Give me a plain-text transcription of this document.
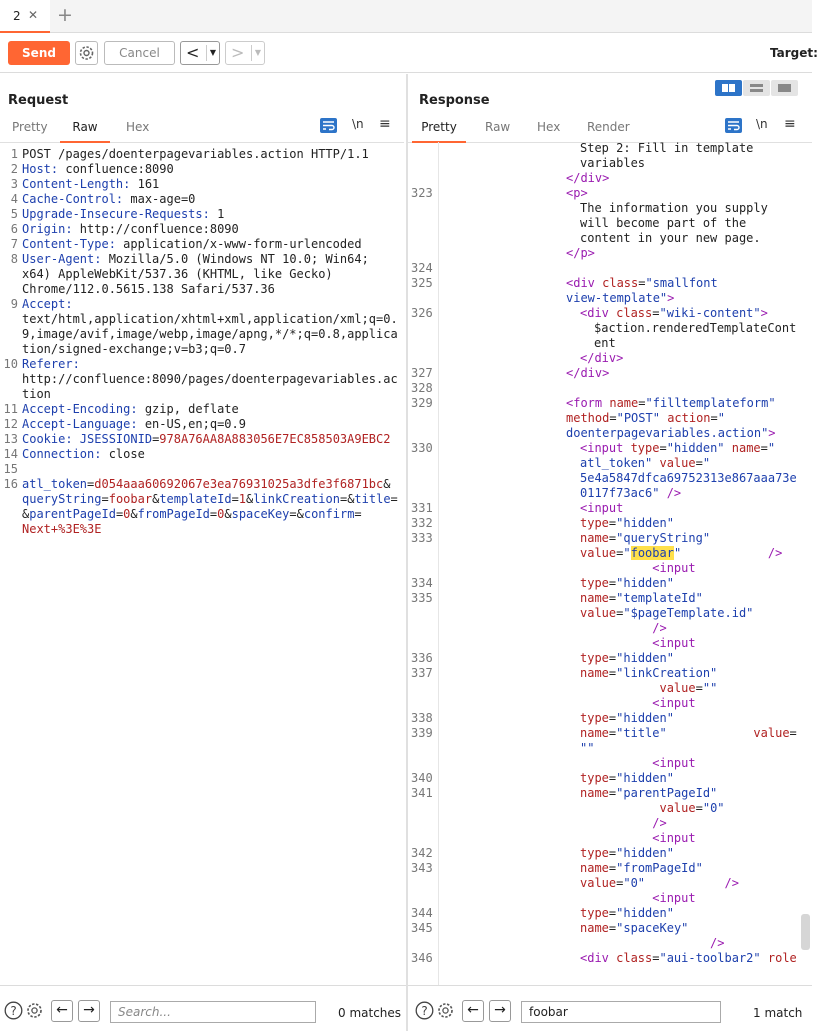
2 ✕ +
Send	Cancel	<	▼ >	▼	Target:
Request
Pretty	Raw	Hex	\n ≡
1 POST /pages/doenterpagevariables.action HTTP/1.1
2 Host: confluence:8090
3 Content-Length: 161
4 Cache-Control: max-age=0
5 Upgrade-Insecure-Requests: 1
6 Origin: http://confluence:8090
7 Content-Type: application/x-www-form-urlencoded
8 User-Agent: Mozilla/5.0 (Windows NT 10.0; Win64;
x64) AppleWebKit/537.36 (KHTML, like Gecko)
Chrome/112.0.5615.138 Safari/537.36
9 Accept:
text/html,application/xhtml+xml,application/xml;q=0.
9,image/avif,image/webp,image/apng,*/*;q=0.8,applica
tion/signed-exchange;v=b3;q=0.7
10 Referer:
http://confluence:8090/pages/doenterpagevariables.ac
tion
11 Accept-Encoding: gzip, deflate
12 Accept-Language: en-US,en;q=0.9
13 Cookie: JSESSIONID=978A76AA8A883056E7EC858503A9EBC2
14 Connection: close
15
16 atl_token=d054aaa60692067e3ea76931025a3dfe3f6871bc&
queryString=foobar&templateId=1&linkCreation=&title=
&parentPageId=0&fromPageId=0&spaceKey=&confirm=
Next+%3E%3E
?	←	→
Search...	0 matches
Response
Pretty	Raw Hex Render	\n ≡
Step 2: Fill in template
variables
</div>
323	<p>
The information you supply
will become part of the
content in your new page.
</p>
324
325	<div class="smallfont
view-template">
326	<div class="wiki-content">
$action.renderedTemplateCont
ent
</div>
327	</div>
328
329	<form name="filltemplateform"
method="POST" action="
doenterpagevariables.action">
330	<input type="hidden" name="
atl_token" value="
5e4a5847dfca69752313e867aaa73e
0117f73ac6" />
331	<input
332	type="hidden"
333	name="queryString"
value="foobar"            />
<input
334	type="hidden"
335	name="templateId"
value="$pageTemplate.id"
/>
<input
336	type="hidden"
337	name="linkCreation"
value=""
<input
338	type="hidden"
339	name="title"	value=
""
<input
340	type="hidden"
341	name="parentPageId"
value="0"
/>
<input
342	type="hidden"
343	name="fromPageId"
value="0"	/>
<input
344	type="hidden"
345	name="spaceKey"
/>
346	<div class="aui-toolbar2" role
?	←	→
foobar	1 match
